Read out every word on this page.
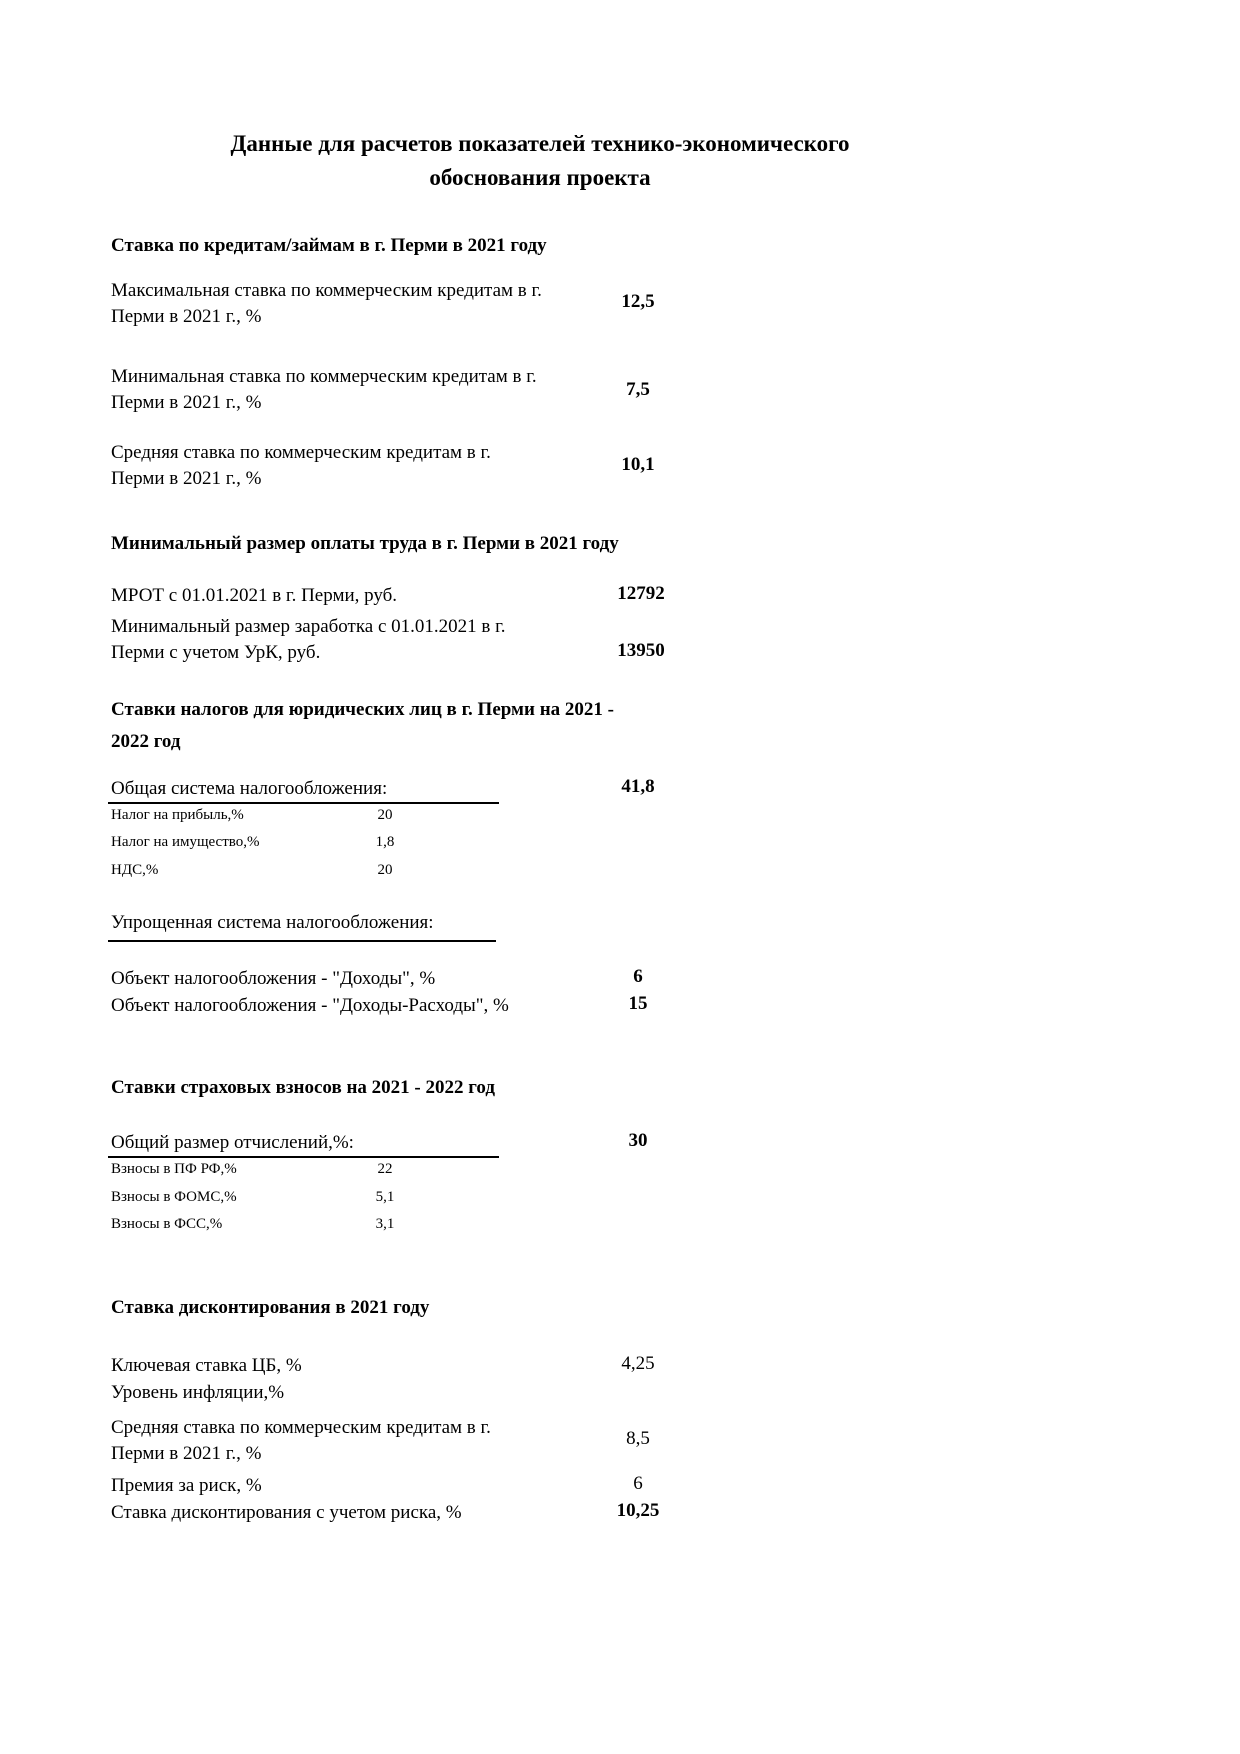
Данные для расчетов показателей технико-экономического
обоснования проекта
Ставка по кредитам/займам в г. Перми в 2021 году
Максимальная ставка по коммерческим кредитам в г.
Перми в 2021 г., %
12,5
Минимальная ставка по коммерческим кредитам в г.
Перми в 2021 г., %
7,5
Средняя ставка по коммерческим кредитам в г.
Перми в 2021 г., %
10,1
Минимальный размер оплаты труда в г. Перми в 2021 году
МРОТ с 01.01.2021 в г. Перми, руб.	12792
Минимальный размер заработка с 01.01.2021 в г.
Перми с учетом УрК, руб.	13950
Ставки налогов для юридических лиц в г. Перми на 2021 -
2022 год
Общая система налогообложения:	41,8
Налог на прибыль,%	20
Налог на имущество,%	1,8
НДС,%	20
Упрощенная система налогообложения:
Объект налогообложения - "Доходы", %	6
Объект налогообложения - "Доходы-Расходы", %	15
Ставки страховых взносов на 2021 - 2022 год
Общий размер отчислений,%:	30
Взносы в ПФ РФ,%	22
Взносы в ФОМС,%	5,1
Взносы в ФСС,%	3,1
Ставка дисконтирования в 2021 году
Ключевая ставка ЦБ, %	4,25
Уровень инфляции,%
Средняя ставка по коммерческим кредитам в г.
Перми в 2021 г., %
8,5
Премия за риск, %	6
Ставка дисконтирования с учетом риска, %	10,25
